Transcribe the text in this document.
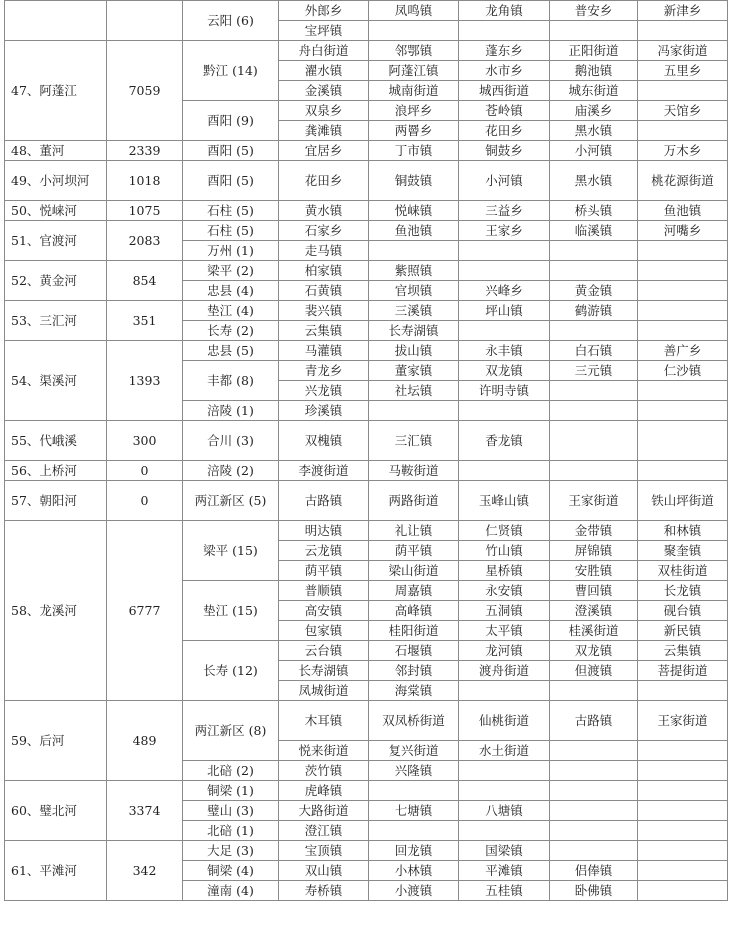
		云阳 (6)	外郎乡	凤鸣镇	龙角镇	普安乡	新津乡
			宝坪镇				
47、阿蓬江	7059	黔江 (14)	舟白街道	邻鄂镇	蓬东乡	正阳街道	冯家街道
			濯水镇	阿蓬江镇	水市乡	鹅池镇	五里乡
			金溪镇	城南街道	城西街道	城东街道	
		酉阳 (9)	双泉乡	浪坪乡	苍岭镇	庙溪乡	天馆乡
			龚滩镇	两罾乡	花田乡	黑水镇	
48、董河	2339	酉阳 (5)	宜居乡	丁市镇	铜鼓乡	小河镇	万木乡
49、小河坝河	1018	酉阳 (5)	花田乡	铜鼓镇	小河镇	黑水镇	桃花源街道
50、悦崃河	1075	石柱 (5)	黄水镇	悦崃镇	三益乡	桥头镇	鱼池镇
51、官渡河	2083	石柱 (5)	石家乡	鱼池镇	王家乡	临溪镇	河嘴乡
		万州 (1)	走马镇				
52、黄金河	854	梁平 (2)	柏家镇	紫照镇			
		忠县 (4)	石黄镇	官坝镇	兴峰乡	黄金镇	
53、三汇河	351	垫江 (4)	裴兴镇	三溪镇	坪山镇	鹤游镇	
		长寿 (2)	云集镇	长寿湖镇			
54、渠溪河	1393	忠县 (5)	马灌镇	拔山镇	永丰镇	白石镇	善广乡
		丰都 (8)	青龙乡	董家镇	双龙镇	三元镇	仁沙镇
			兴龙镇	社坛镇	许明寺镇		
		涪陵 (1)	珍溪镇				
55、代峨溪	300	合川 (3)	双槐镇	三汇镇	香龙镇		
56、上桥河	0	涪陵 (2)	李渡街道	马鞍街道			
57、朝阳河	0	两江新区 (5)	古路镇	两路街道	玉峰山镇	王家街道	铁山坪街道
58、龙溪河	6777	梁平 (15)	明达镇	礼让镇	仁贤镇	金带镇	和林镇
			云龙镇	荫平镇	竹山镇	屏锦镇	聚奎镇
			荫平镇	梁山街道	星桥镇	安胜镇	双桂街道
		垫江 (15)	普顺镇	周嘉镇	永安镇	曹回镇	长龙镇
			高安镇	高峰镇	五洞镇	澄溪镇	砚台镇
			包家镇	桂阳街道	太平镇	桂溪街道	新民镇
		长寿 (12)	云台镇	石堰镇	龙河镇	双龙镇	云集镇
			长寿湖镇	邻封镇	渡舟街道	但渡镇	菩提街道
			凤城街道	海棠镇			
59、后河	489	两江新区 (8)	木耳镇	双凤桥街道	仙桃街道	古路镇	王家街道
			悦来街道	复兴街道	水土街道		
		北碚 (2)	茨竹镇	兴隆镇			
60、璧北河	3374	铜梁 (1)	虎峰镇				
		璧山 (3)	大路街道	七塘镇	八塘镇		
		北碚 (1)	澄江镇				
61、平滩河	342	大足 (3)	宝顶镇	回龙镇	国梁镇		
		铜梁 (4)	双山镇	小林镇	平滩镇	侣俸镇	
		潼南 (4)	寿桥镇	小渡镇	五桂镇	卧佛镇	
